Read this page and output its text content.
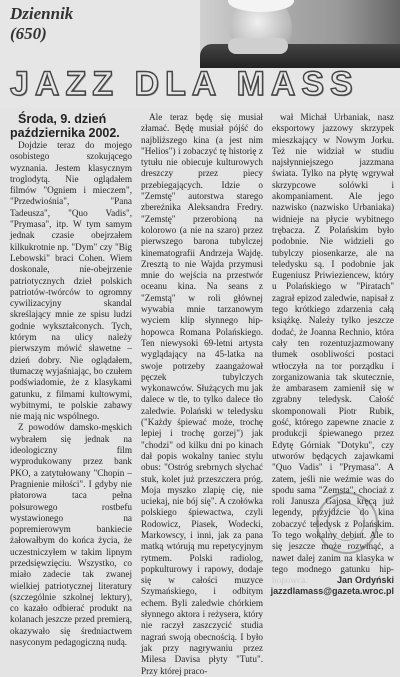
Dziennik
(650)
JAZZ DLA MASS

Środa, 9. dzień października 2002.

Dojdzie teraz do mojego osobistego szokującego wyznania. Jestem klasycznym troglodytą. Nie oglądałem filmów "Ogniem i mieczem", "Przedwiośnia", "Pana Tadeusza", "Quo Vadis", "Prymasa", itp. W tym samym jednak czasie obejrzałem kilkukrotnie np. "Dym" czy "Big Lebowski" braci Cohen. Wiem doskonale, nie-obejrzenie patriotycznych dzieł polskich patriotów-twórców to ogromny cywilizacyjny skandal skreślający mnie ze spisu ludzi godnie wykształconych. Tych, którym na ulicy należy pierwszym mówić sławetne – dzień dobry. Nie oglądałem, tłumaczę wyjaśniając, bo czułem podświadomie, że z klasykami gatunku, z filmami kultowymi, wybitnymi, te polskie zabawy nie mają nic wspólnego.

Z powodów damsko-męskich wybrałem się jednak na ideologiczny film wyprodukowany przez bank PKO, a zatytułowany "Chopin – Pragnienie miłości". I gdyby nie płatorowa taca pełna połsurowego rostbefu wystawionego na popremierowym bankiecie żałowałbym do końca życia, że uczestniczyłem w takim lipnym przedsięwzięciu. Wszystko, co miało zadecie tak zwanej wielkiej patriotycznej literatury (szczególnie szkolnej lektury), co kazało odbierać produkt na kolanach jeszcze przed premierą, okazywało się średniactwem nasyconym pedagogiczną nudą.

Ale teraz będę się musiał złamać. Będę musiał pójść do najbliższego kina (a jest nim "Helios") i zobaczyć tę historię z tytułu nie obiecuje kulturowych dreszczy przez piecy przebiegających. Idzie o "Zemstę" autorstwa starego zbereźnika Aleksandra Fredry. "Zemstę" przerobioną na kolorowo (a nie na szaro) przez pierwszego barona tubylczej kinematografii Andrzeja Wajdę. Zresztą to nie Wajda przymusi mnie do wejścia na przestwór oceanu kina. Na seans z "Zemstą" w roli głównej wywabia mnie tarzanowym wyciem klip słynnego hip-hopowca Romana Polańskiego. Ten niewysoki 69-letni artysta wyglądający na 45-latka na swoje potrzeby zaangażował pęczek tubylczych wykonawców. Służących mu jak dalece w tle, to tylko dalece tło zaledwie. Polański w teledysku ("Każdy śpiewać może, trochę lepiej i trochę gorzej") jak "chodzi" od kilku dni po kinach dał popis wokalny taniec stylu obus: "Ostróg srebrnych słychać stuk, kolet już przeszczera próg. Moja myszko zlapię cię, nie uciekaj, nie bój się". A czołówka polskiego śpiewactwa, czyli Rodowicz, Piasek, Wodecki, Markowscy, i inni, jak za pana matką wtórują mu repetycyjnym rytmem. Polski radiolog, popkulturowy i rapowy, dodaje się w całości muzyce Szymańskiego, i odbitym echem. Byli zaledwie chórkiem słynnego aktora i reżysera, który nie raczył zaszczycić studia nagrań swoją obecnością. I było jak przy nagrywaniu przez Milesa Davisa płyty "Tutu". Przy której praco-

wał Michał Urbaniak, nasz eksportowy jazzowy skrzypek mieszkający w Nowym Jorku. Też nie widział w studiu najsłynniejszego jazzmana świata. Tylko na płytę wgrywał skrzypcowe solówki i akompaniament. Ale jego nazwisko (nazwisko Urbaniaka) widnieje na płycie wybitnego trębacza. Z Polańskim było podobnie. Nie widzieli go tubylczy piosenkarze, ale na teledysku są. I podobnie jak Eugeniusz Priwieziencew, który u Polańskiego w "Piratach" zagrał epizod zaledwie, napisał z tego krótkiego zdarzenia całą książkę. Należy tylko jeszcze dodać, że Joanna Rechnio, która cały ten rozentuzjazmowany tłumek osobliwości postaci wtłoczyła na tor porządku i zorganizowania tak skutecznie, że ambarasem zamienił się w zgrabny teledysk. Całość skomponowali Piotr Rubik, gość, którego zapewne znacie z produkcji śpiewanego przez Edytę Górniak "Dotyku", czy utworów będących zajawkami "Quo Vadis" i "Prymasa". A zatem, jeśli nie weźmie was do spodu sama "Zemsta", chociaż z roli Janusza Gajosa kręcą już legendy, przyjdźcie do kina zobaczyć teledysk z Polańskim. To tego wokalny debiut. Ale to się jeszcze może rozwinąć, a nawet dalej zanim na klasyka w tego modnego gatunku hip-

Jan Ordyński
jazzdlamass@gazeta.wroc.pl
